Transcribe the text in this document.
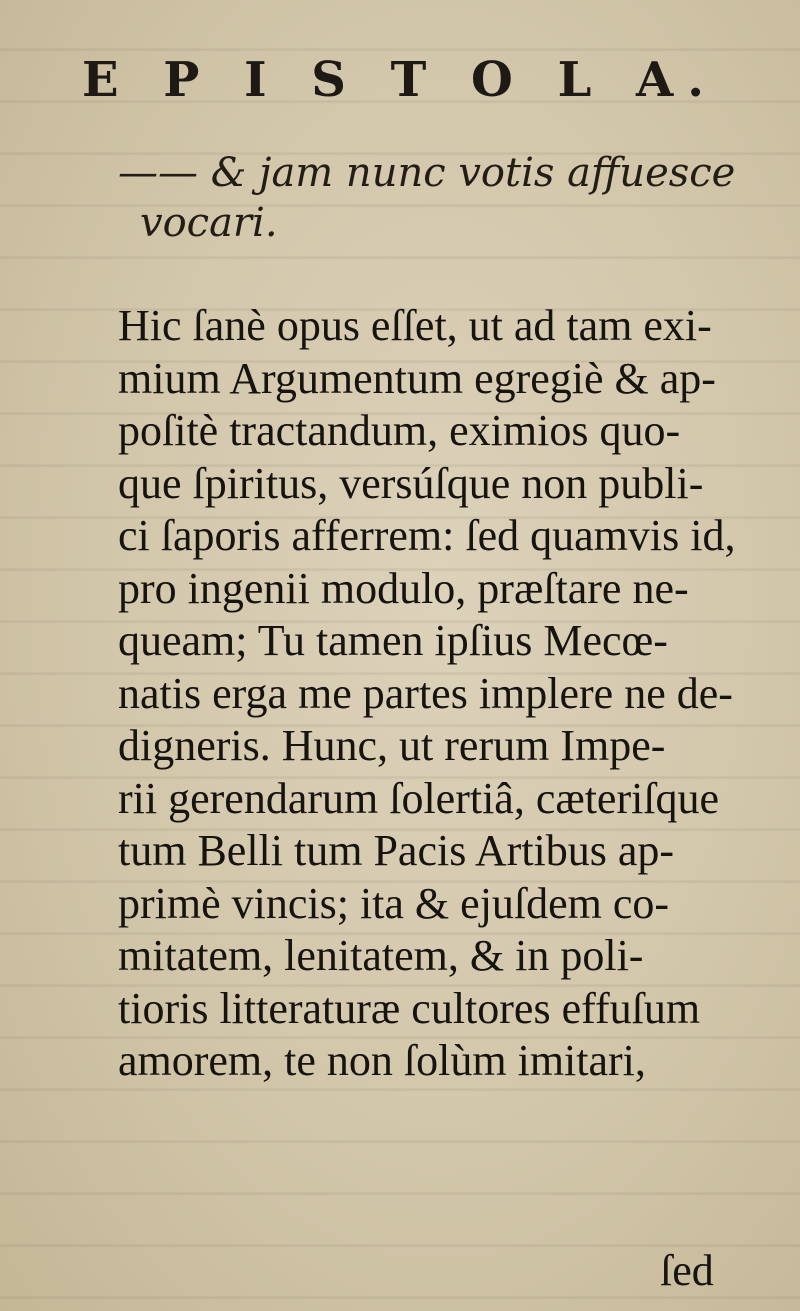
E P I S T O L A.
—— & jam nunc votis affuesce
vocari.
Hic ſanè opus eſſet, ut ad tam exi-
mium Argumentum egregiè & ap-
poſitè tractandum, eximios quo-
que ſpiritus, versúſque non publi-
ci ſaporis afferrem: ſed quamvis id,
pro ingenii modulo, præſtare ne-
queam; Tu tamen ipſius Mecœ-
natis erga me partes implere ne de-
digneris. Hunc, ut rerum Impe-
rii gerendarum ſolertiâ, cæteriſque
tum Belli tum Pacis Artibus ap-
primè vincis; ita & ejuſdem co-
mitatem, lenitatem, & in poli-
tioris litteraturæ cultores effuſum
amorem, te non ſolùm imitari,
ſed
